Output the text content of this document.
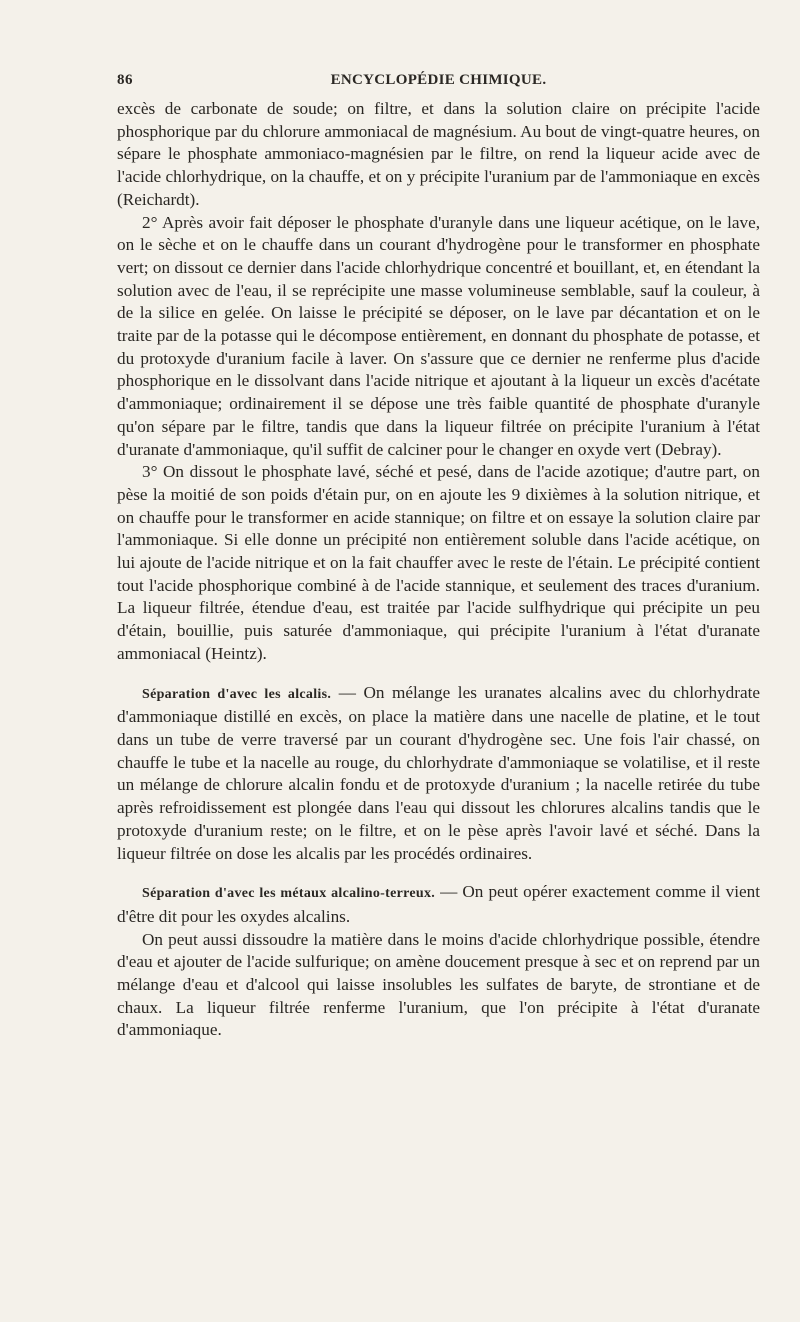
86	ENCYCLOPÉDIE CHIMIQUE.

excès de carbonate de soude; on filtre, et dans la solution claire on précipite l'acide phosphorique par du chlorure ammoniacal de magnésium. Au bout de vingt-quatre heures, on sépare le phosphate ammoniaco-magnésien par le filtre, on rend la liqueur acide avec de l'acide chlorhydrique, on la chauffe, et on y précipite l'uranium par de l'ammoniaque en excès (Reichardt).

2° Après avoir fait déposer le phosphate d'uranyle dans une liqueur acétique, on le lave, on le sèche et on le chauffe dans un courant d'hydrogène pour le transformer en phosphate vert; on dissout ce dernier dans l'acide chlorhydrique concentré et bouillant, et, en étendant la solution avec de l'eau, il se reprécipite une masse volumineuse semblable, sauf la couleur, à de la silice en gelée. On laisse le précipité se déposer, on le lave par décantation et on le traite par de la potasse qui le décompose entièrement, en donnant du phosphate de potasse, et du protoxyde d'uranium facile à laver. On s'assure que ce dernier ne renferme plus d'acide phosphorique en le dissolvant dans l'acide nitrique et ajoutant à la liqueur un excès d'acétate d'ammoniaque; ordinairement il se dépose une très faible quantité de phosphate d'uranyle qu'on sépare par le filtre, tandis que dans la liqueur filtrée on précipite l'uranium à l'état d'uranate d'ammoniaque, qu'il suffit de calciner pour le changer en oxyde vert (Debray).

3° On dissout le phosphate lavé, séché et pesé, dans de l'acide azotique; d'autre part, on pèse la moitié de son poids d'étain pur, on en ajoute les 9 dixièmes à la solution nitrique, et on chauffe pour le transformer en acide stannique; on filtre et on essaye la solution claire par l'ammoniaque. Si elle donne un précipité non entièrement soluble dans l'acide acétique, on lui ajoute de l'acide nitrique et on la fait chauffer avec le reste de l'étain. Le précipité contient tout l'acide phosphorique combiné à de l'acide stannique, et seulement des traces d'uranium. La liqueur filtrée, étendue d'eau, est traitée par l'acide sulfhydrique qui précipite un peu d'étain, bouillie, puis saturée d'ammoniaque, qui précipite l'uranium à l'état d'uranate ammoniacal (Heintz).

Séparation d'avec les alcalis. — On mélange les uranates alcalins avec du chlorhydrate d'ammoniaque distillé en excès, on place la matière dans une nacelle de platine, et le tout dans un tube de verre traversé par un courant d'hydrogène sec. Une fois l'air chassé, on chauffe le tube et la nacelle au rouge, du chlorhydrate d'ammoniaque se volatilise, et il reste un mélange de chlorure alcalin fondu et de protoxyde d'uranium ; la nacelle retirée du tube après refroidissement est plongée dans l'eau qui dissout les chlorures alcalins tandis que le protoxyde d'uranium reste; on le filtre, et on le pèse après l'avoir lavé et séché. Dans la liqueur filtrée on dose les alcalis par les procédés ordinaires.

Séparation d'avec les métaux alcalino-terreux. — On peut opérer exactement comme il vient d'être dit pour les oxydes alcalins.

On peut aussi dissoudre la matière dans le moins d'acide chlorhydrique possible, étendre d'eau et ajouter de l'acide sulfurique; on amène doucement presque à sec et on reprend par un mélange d'eau et d'alcool qui laisse insolubles les sulfates de baryte, de strontiane et de chaux. La liqueur filtrée renferme l'uranium, que l'on précipite à l'état d'uranate d'ammoniaque.
